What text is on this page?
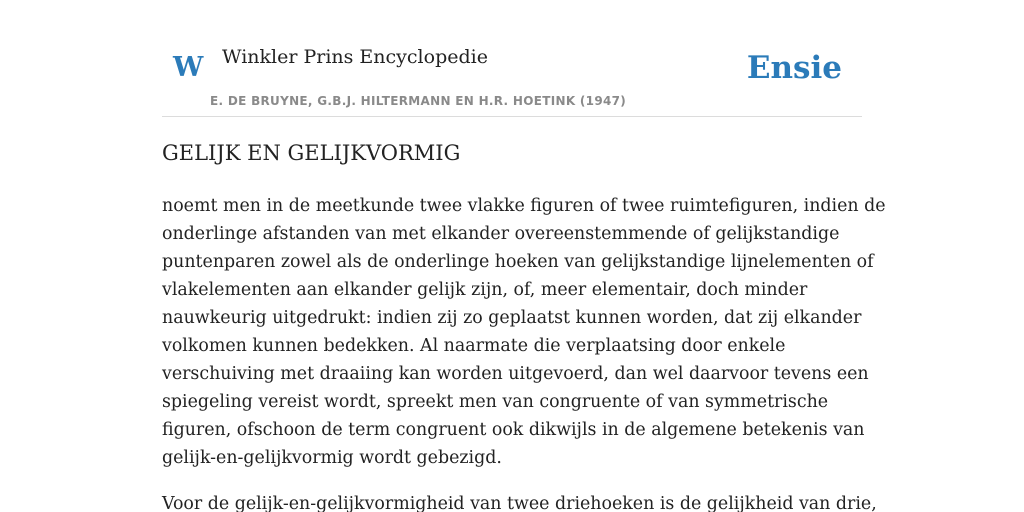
W Winkler Prins Encyclopedie
E. DE BRUYNE, G.B.J. HILTERMANN EN H.R. HOETINK (1947)
Ensie
GELIJK EN GELIJKVORMIG

noemt men in de meetkunde twee vlakke figuren of twee ruimtefiguren, indien de
onderlinge afstanden van met elkander overeenstemmende of gelijkstandige
puntenparen zowel als de onderlinge hoeken van gelijkstandige lijnelementen of
vlakelementen aan elkander gelijk zijn, of, meer elementair, doch minder
nauwkeurig uitgedrukt: indien zij zo geplaatst kunnen worden, dat zij elkander
volkomen kunnen bedekken. Al naarmate die verplaatsing door enkele
verschuiving met draaiing kan worden uitgevoerd, dan wel daarvoor tevens een
spiegeling vereist wordt, spreekt men van congruente of van symmetrische
figuren, ofschoon de term congruent ook dikwijls in de algemene betekenis van
gelijk-en-gelijkvormig wordt gebezigd.

Voor de gelijk-en-gelijkvormigheid van twee driehoeken is de gelijkheid van drie,
